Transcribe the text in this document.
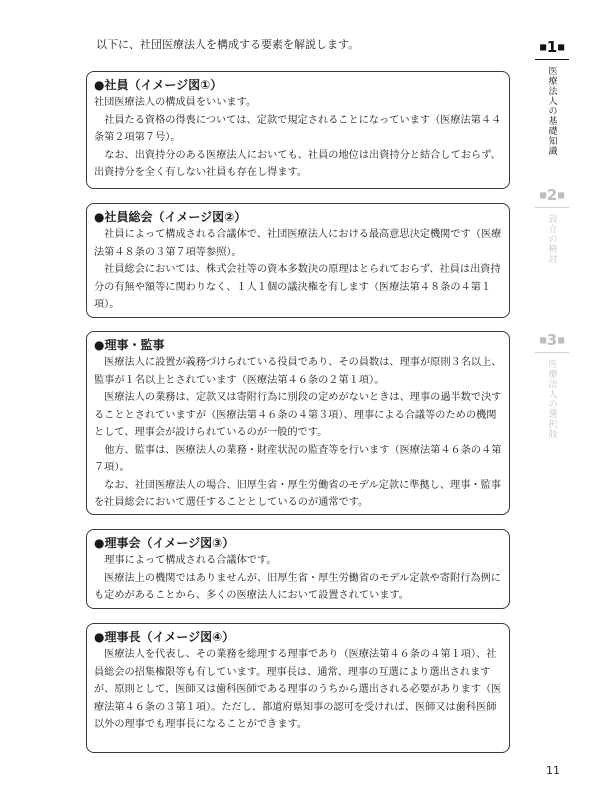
以下に、社団医療法人を構成する要素を解説します。
●社員（イメージ図①）

社団医療法人の構成員をいいます。

社員たる資格の得喪については、定款で規定されることになっています（医療法第４４条第２項第７号）。

なお、出資持分のある医療法人においても、社員の地位は出資持分と結合しておらず、出資持分を全く有しない社員も存在し得ます。

●社員総会（イメージ図②）

社員によって構成される合議体で、社団医療法人における最高意思決定機関です（医療法第４８条の３第７項等参照）。

社員総会においては、株式会社等の資本多数決の原理はとられておらず、社員は出資持分の有無や額等に関わりなく、１人１個の議決権を有します（医療法第４８条の４第１項）。

●理事・監事

医療法人に設置が義務づけられている役員であり、その員数は、理事が原則３名以上、監事が１名以上とされています（医療法第４６条の２第１項）。

医療法人の業務は、定款又は寄附行為に別段の定めがないときは、理事の過半数で決することとされていますが（医療法第４６条の４第３項）、理事による合議等のための機関として、理事会が設けられているのが一般的です。

他方、監事は、医療法人の業務・財産状況の監査等を行います（医療法第４６条の４第７項）。

なお、社団医療法人の場合、旧厚生省・厚生労働省のモデル定款に準拠し、理事・監事を社員総会において選任することとしているのが通常です。

●理事会（イメージ図③）

理事によって構成される合議体です。

医療法上の機関ではありませんが、旧厚生省・厚生労働省のモデル定款や寄附行為例にも定めがあることから、多くの医療法人において設置されています。

●理事長（イメージ図④）

医療法人を代表し、その業務を総理する理事であり（医療法第４６条の４第１項）、社員総会の招集権限等も有しています。理事長は、通常、理事の互選により選出されますが、原則として、医師又は歯科医師である理事のうちから選出される必要があります（医療法第４６条の３第１項）。ただし、都道府県知事の認可を受ければ、医師又は歯科医師以外の理事でも理事長になることができます。

■1■
医療法人の基礎知識
■2■
設立の検討
■3■
医療法人の選択肢
11
